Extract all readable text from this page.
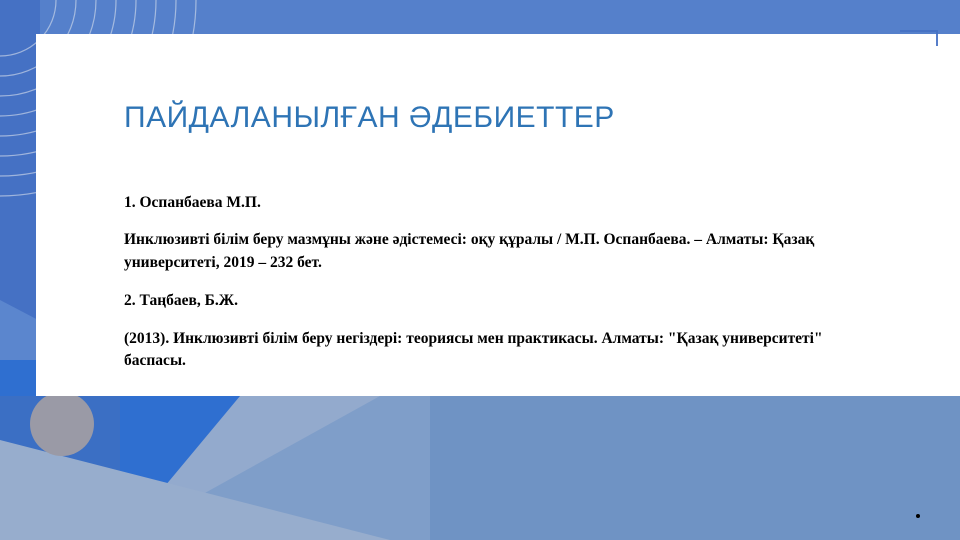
ПАЙДАЛАНЫЛҒАН ӘДЕБИЕТТЕР

1. Оспанбаева М.П.

Инклюзивті білім беру мазмұны және әдістемесі: оқу құралы / М.П. Оспанбаева. – Алматы: Қазақ университеті, 2019 – 232 бет.

2. Таңбаев, Б.Ж.

(2013). Инклюзивті білім беру негіздері: теориясы мен практикасы. Алматы: "Қазақ университеті" баспасы.
